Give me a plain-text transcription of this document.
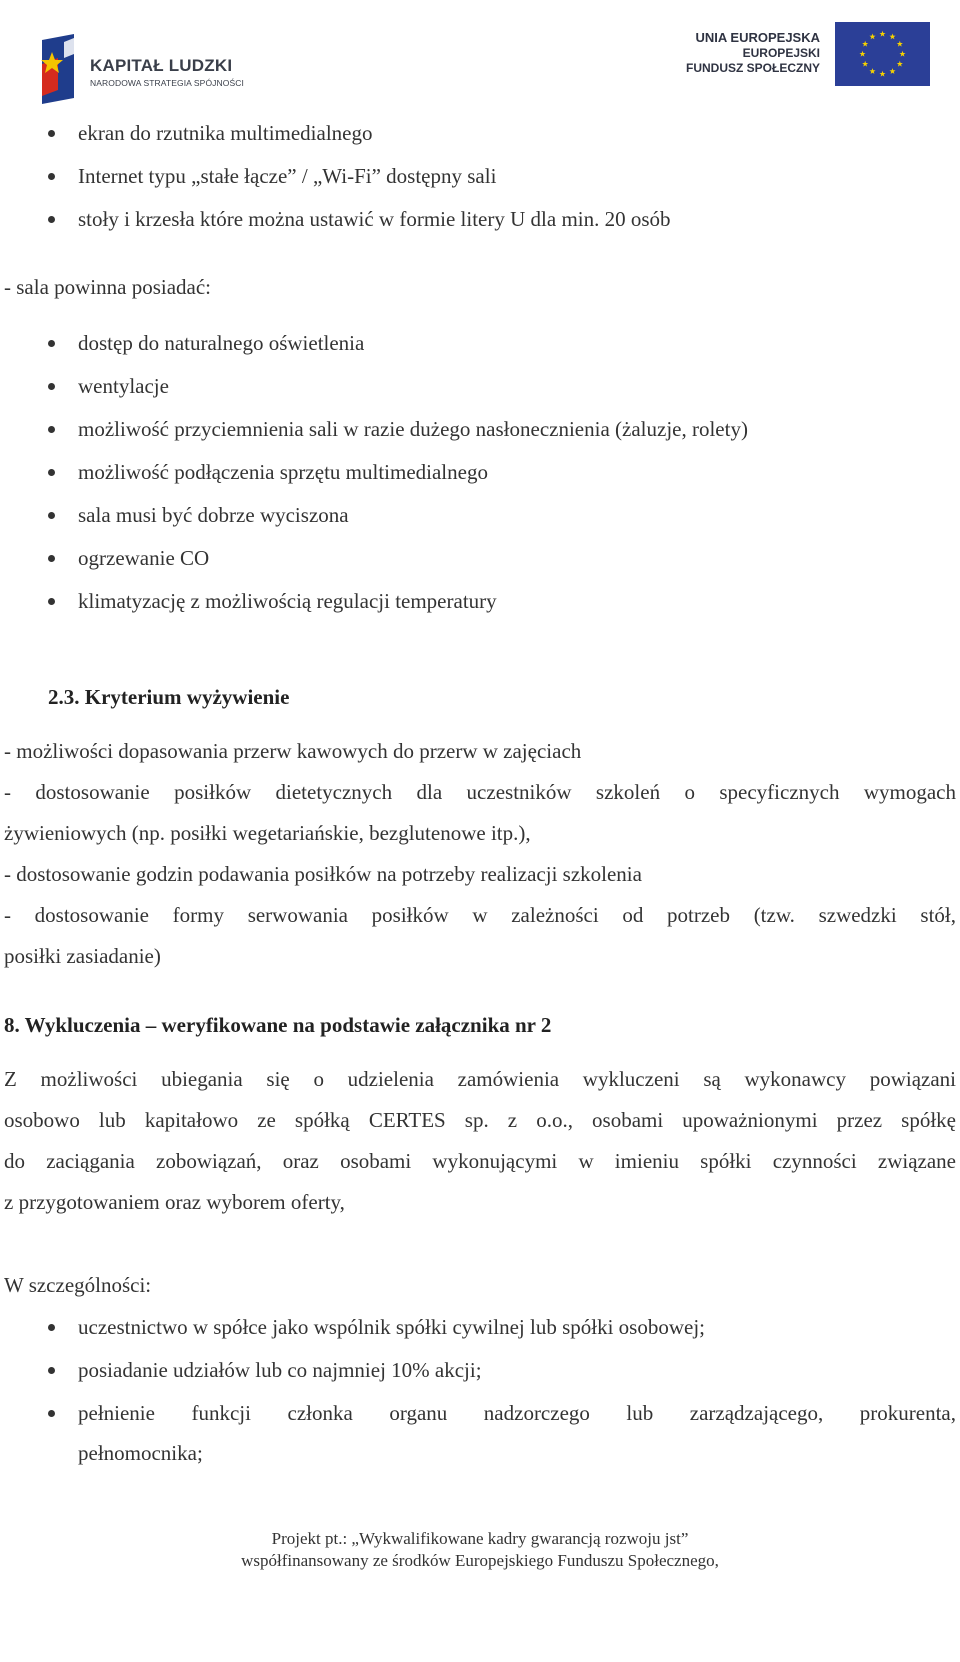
KAPITAŁ LUDZKI
NARODOWA STRATEGIA SPÓJNOŚCI
UNIA EUROPEJSKA
EUROPEJSKI
FUNDUSZ SPOŁECZNY
ekran do rzutnika multimedialnego
Internet typu „stałe łącze” / „Wi-Fi” dostępny sali
stoły i krzesła które można ustawić w formie litery U dla min. 20 osób
- sala powinna posiadać:
dostęp do naturalnego oświetlenia
wentylacje
możliwość przyciemnienia sali w razie dużego nasłonecznienia (żaluzje, rolety)
możliwość podłączenia sprzętu multimedialnego
sala musi być dobrze wyciszona
ogrzewanie CO
klimatyzację z możliwością regulacji temperatury
2.3. Kryterium wyżywienie
- możliwości dopasowania przerw kawowych do przerw w zajęciach
- dostosowanie posiłków dietetycznych dla uczestników szkoleń o specyficznych wymogach
żywieniowych (np. posiłki wegetariańskie, bezglutenowe itp.),
- dostosowanie godzin podawania posiłków na potrzeby realizacji szkolenia
- dostosowanie formy serwowania posiłków w zależności od potrzeb (tzw. szwedzki stół,
posiłki zasiadanie)
8. Wykluczenia – weryfikowane na podstawie załącznika nr 2
Z możliwości ubiegania się o udzielenia zamówienia wykluczeni są wykonawcy powiązani
osobowo lub kapitałowo ze spółką CERTES sp. z o.o., osobami upoważnionymi przez spółkę
do zaciągania zobowiązań, oraz osobami wykonującymi w imieniu spółki czynności związane
z przygotowaniem oraz wyborem oferty,
W szczególności:
uczestnictwo w spółce jako wspólnik spółki cywilnej lub spółki osobowej;
posiadanie udziałów lub co najmniej 10% akcji;
pełnienie funkcji członka organu nadzorczego lub zarządzającego, prokurenta,
pełnomocnika;
Projekt pt.: „Wykwalifikowane kadry gwarancją rozwoju jst”
współfinansowany ze środków Europejskiego Funduszu Społecznego,
